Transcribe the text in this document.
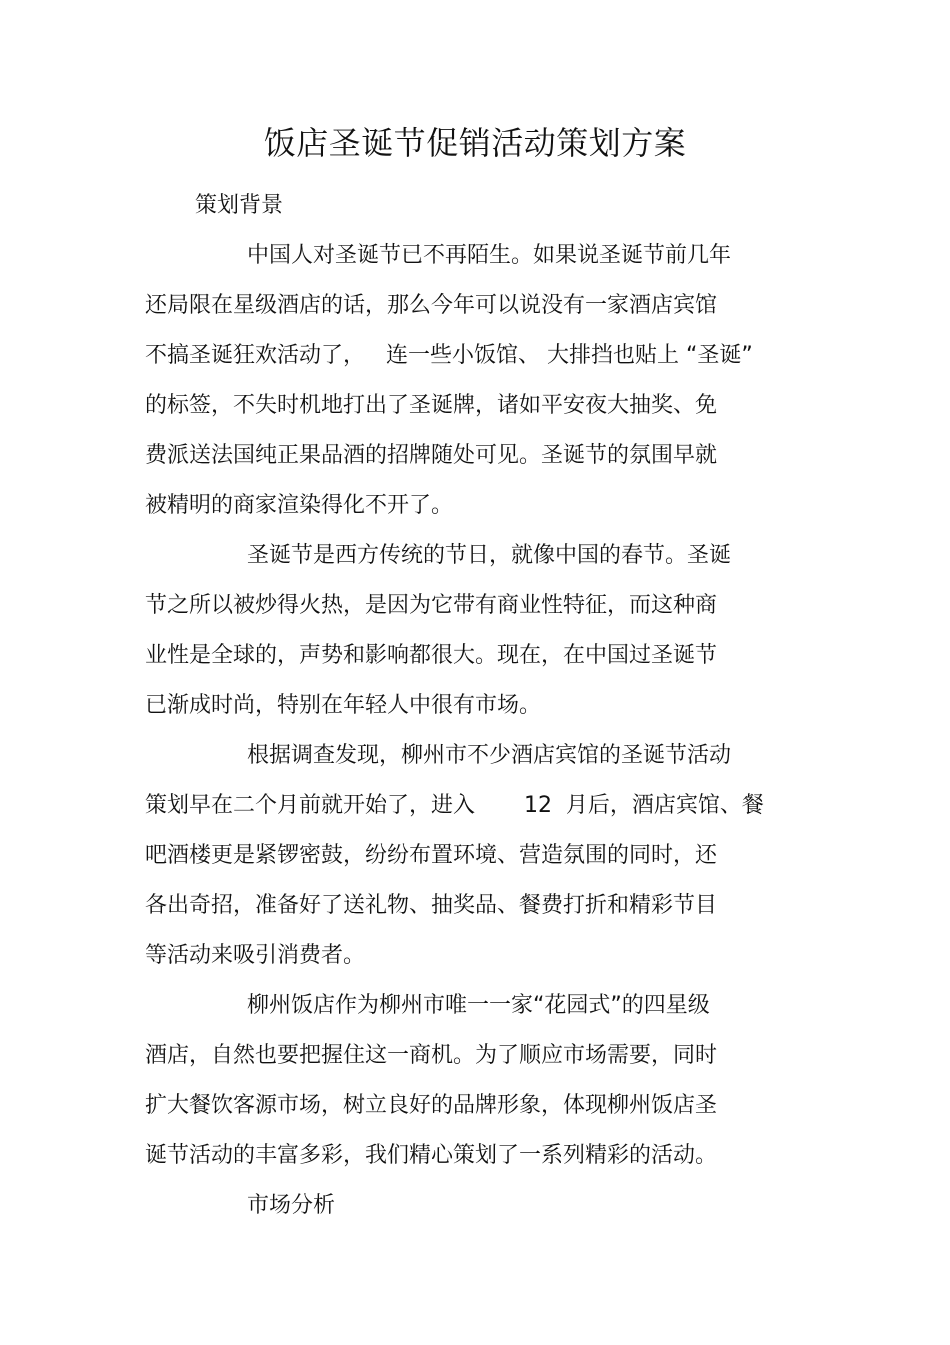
饭店圣诞节促销活动策划方案

策划背景

中国人对圣诞节已不再陌生。如果说圣诞节前几年

还局限在星级酒店的话，那么今年可以说没有一家酒店宾馆

不搞圣诞狂欢活动了，   连一些小饭馆、 大排挡也贴上 “圣诞”

的标签，不失时机地打出了圣诞牌，诸如平安夜大抽奖、免

费派送法国纯正果品酒的招牌随处可见。圣诞节的氛围早就

被精明的商家渲染得化不开了。

圣诞节是西方传统的节日，就像中国的春节。圣诞

节之所以被炒得火热，是因为它带有商业性特征，而这种商

业性是全球的，声势和影响都很大。现在，在中国过圣诞节

已渐成时尚，特别在年轻人中很有市场。

根据调查发现，柳州市不少酒店宾馆的圣诞节活动

策划早在二个月前就开始了，进入       12  月后，酒店宾馆、餐

吧酒楼更是紧锣密鼓，纷纷布置环境、营造氛围的同时，还

各出奇招，准备好了送礼物、抽奖品、餐费打折和精彩节目

等活动来吸引消费者。

柳州饭店作为柳州市唯一一家“花园式”的四星级

酒店，自然也要把握住这一商机。为了顺应市场需要，同时

扩大餐饮客源市场，树立良好的品牌形象，体现柳州饭店圣

诞节活动的丰富多彩，我们精心策划了一系列精彩的活动。

市场分析
